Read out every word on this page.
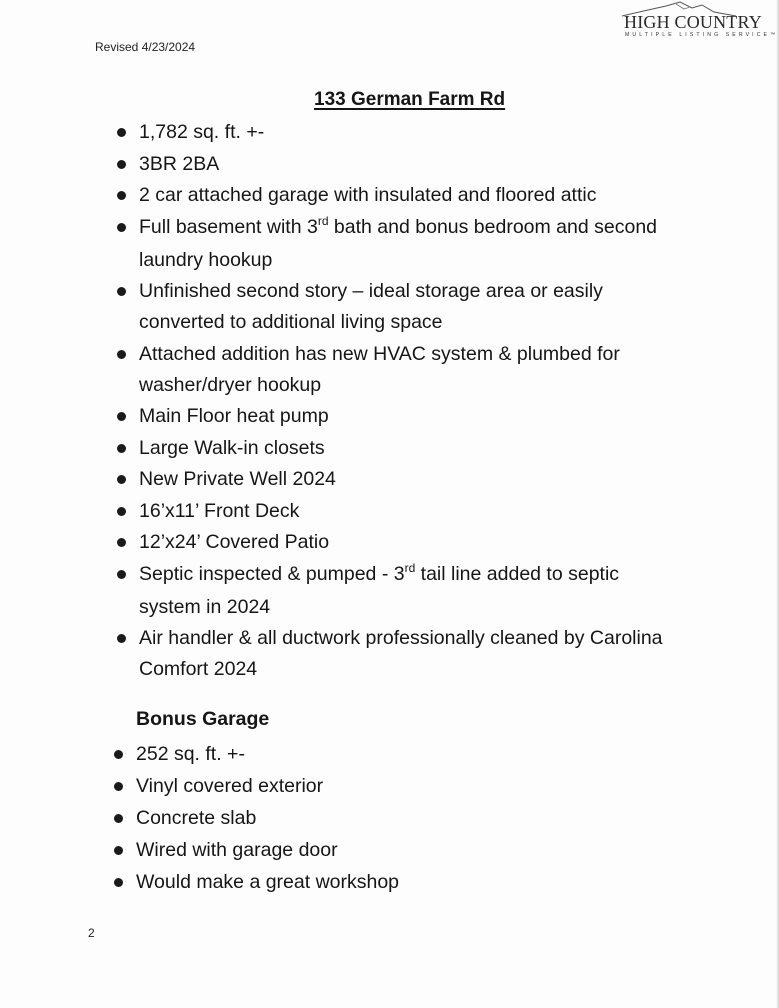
HIGH COUNTRY
MULTIPLE LISTING SERVICE™
Revised 4/23/2024
133 German Farm Rd
1,782 sq. ft. +-
3BR 2BA
2 car attached garage with insulated and floored attic
Full basement with 3rd bath and bonus bedroom and second laundry hookup
Unfinished second story – ideal storage area or easily converted to additional living space
Attached addition has new HVAC system & plumbed for washer/dryer hookup
Main Floor heat pump
Large Walk-in closets
New Private Well 2024
16’x11’ Front Deck
12’x24’ Covered Patio
Septic inspected & pumped - 3rd tail line added to septic system in 2024
Air handler & all ductwork professionally cleaned by Carolina Comfort 2024
Bonus Garage
252 sq. ft. +-
Vinyl covered exterior
Concrete slab
Wired with garage door
Would make a great workshop
2
